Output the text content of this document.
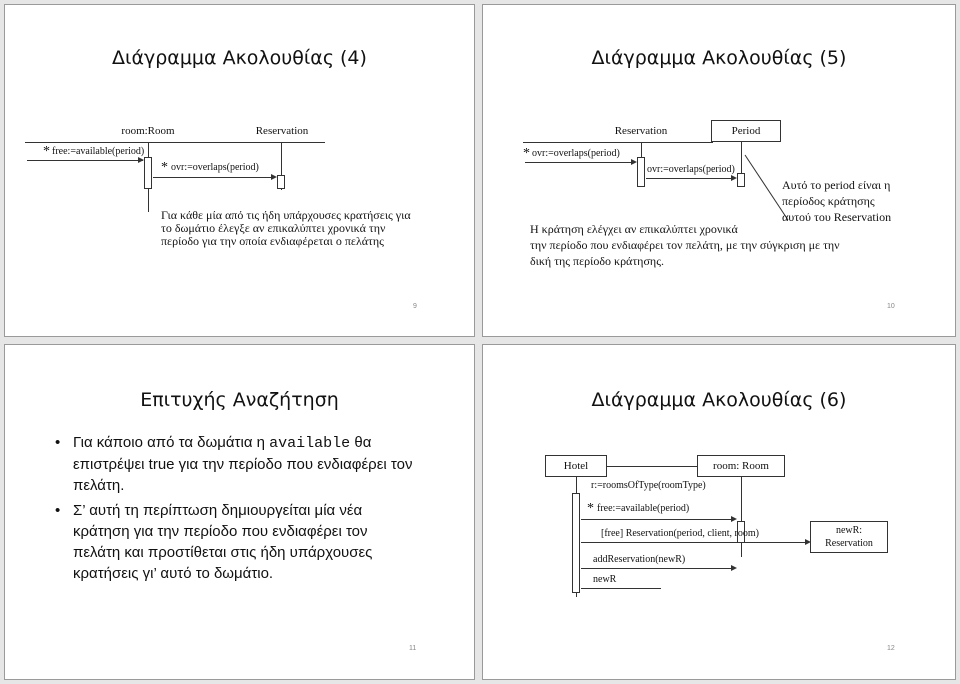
Διάγραμμα Ακολουθίας (4)
room:Room	Reservation
* free:=available(period)
* ovr:=overlaps(period)
Για κάθε μία από τις ήδη υπάρχουσες κρατήσεις για
το δωμάτιο έλεγξε αν επικαλύπτει χρονικά την
περίοδο για την οποία ενδιαφέρεται ο πελάτης
9
Διάγραμμα Ακολουθίας (5)
Reservation	Period
* ovr:=overlaps(period)
ovr:=overlaps(period)
Αυτό το period είναι η
περίοδος κράτησης
αυτού του Reservation
Η κράτηση ελέγχει αν επικαλύπτει χρονικά
την περίοδο που ενδιαφέρει τον πελάτη, με την σύγκριση με την
δική της περίοδο κράτησης.
10
Επιτυχής Αναζήτηση
• Για κάποιο από τα δωμάτια η available θα επιστρέψει true για την περίοδο που ενδιαφέρει τον πελάτη.
• Σ’ αυτή τη περίπτωση δημιουργείται μία νέα κράτηση για την περίοδο που ενδιαφέρει τον πελάτη και προστίθεται στις ήδη υπάρχουσες κρατήσεις γι’ αυτό το δωμάτιο.
11
Διάγραμμα Ακολουθίας (6)
Hotel	room: Room
r:=roomsOfType(roomType)
* free:=available(period)
[free] Reservation(period, client, room)	newR:
Reservation
addReservation(newR)
newR
12
